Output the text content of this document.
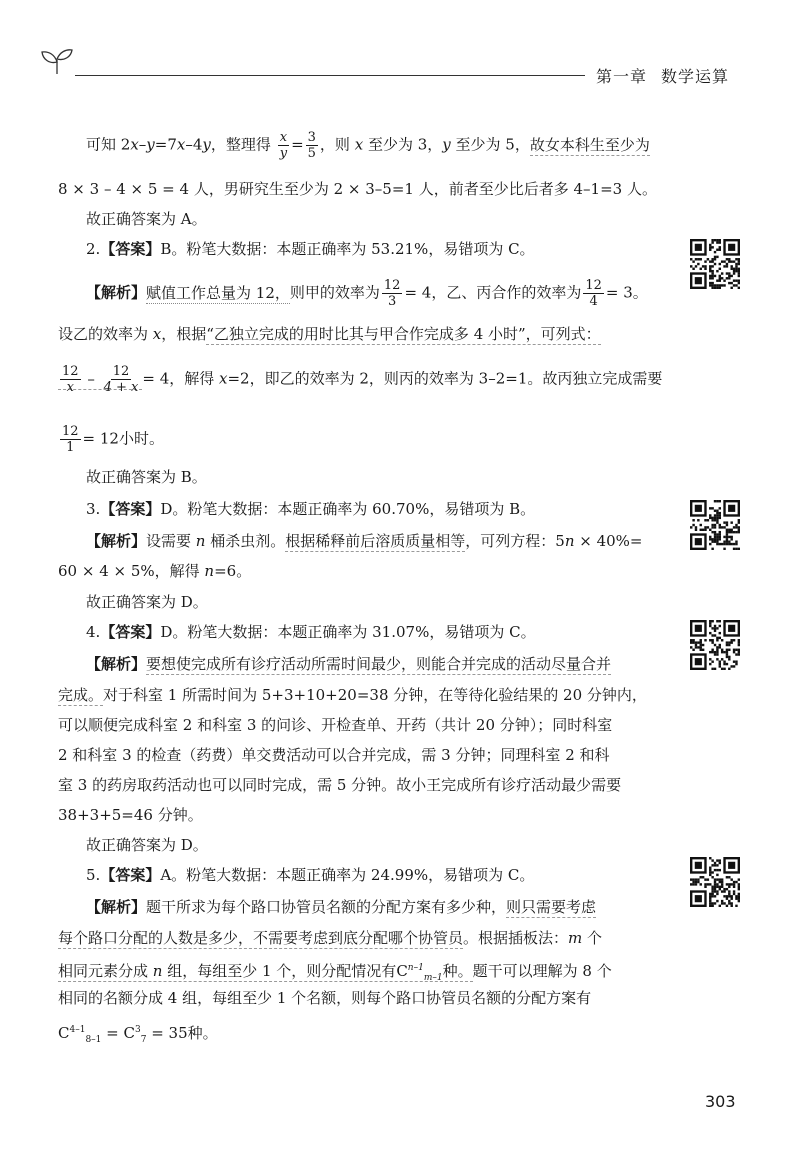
第一章 数学运算
可知 2x–y=7x–4y，整理得 $\frac{x}{y} = \frac{3}{5}$ ，则 x 至少为 3，y 至少为 5，故女本科生至少为
8 × 3 – 4 × 5 = 4 人，男研究生至少为 2 × 3–5=1 人，前者至少比后者多 4–1=3 人。
故正确答案为 A。
2.【答案】B。粉笔大数据：本题正确率为 53.21%，易错项为 C。
【解析】赋值工作总量为 12，则甲的效率为 $\frac{12}{3} = 4$，乙、丙合作的效率为 $\frac{12}{4} = 3$。
设乙的效率为 x，根据“乙独立完成的用时比其与甲合作完成多 4 小时”，可列式：
$\frac{12}{x} - \frac{12}{4 + x} = 4$，解得 x=2，即乙的效率为 2，则丙的效率为 3–2=1。故丙独立完成需要
$\frac{12}{1} = 12$小时。
故正确答案为 B。
3.【答案】D。粉笔大数据：本题正确率为 60.70%，易错项为 B。
【解析】设需要 n 桶杀虫剂。根据稀释前后溶质质量相等，可列方程：5n × 40%=
60 × 4 × 5%，解得 n=6。
故正确答案为 D。
4.【答案】D。粉笔大数据：本题正确率为 31.07%，易错项为 C。
【解析】要想使完成所有诊疗活动所需时间最少，则能合并完成的活动尽量合并
完成。对于科室 1 所需时间为 5+3+10+20=38 分钟，在等待化验结果的 20 分钟内，
可以顺便完成科室 2 和科室 3 的问诊、开检查单、开药（共计 20 分钟）；同时科室
2 和科室 3 的检查（药费）单交费活动可以合并完成，需 3 分钟；同理科室 2 和科
室 3 的药房取药活动也可以同时完成，需 5 分钟。故小王完成所有诊疗活动最少需要
38+3+5=46 分钟。
故正确答案为 D。
5.【答案】A。粉笔大数据：本题正确率为 24.99%，易错项为 C。
【解析】题干所求为每个路口协管员名额的分配方案有多少种，则只需要考虑
每个路口分配的人数是多少，不需要考虑到底分配哪个协管员。根据插板法：m 个
相同元素分成 n 组，每组至少 1 个，则分配情况有$C^{n-1}_{m-1}$种。题干可以理解为 8 个
相同的名额分成 4 组，每组至少 1 个名额，则每个路口协管员名额的分配方案有
$C^{4-1}_{8-1} = C^3_7 = 35$种。
303
